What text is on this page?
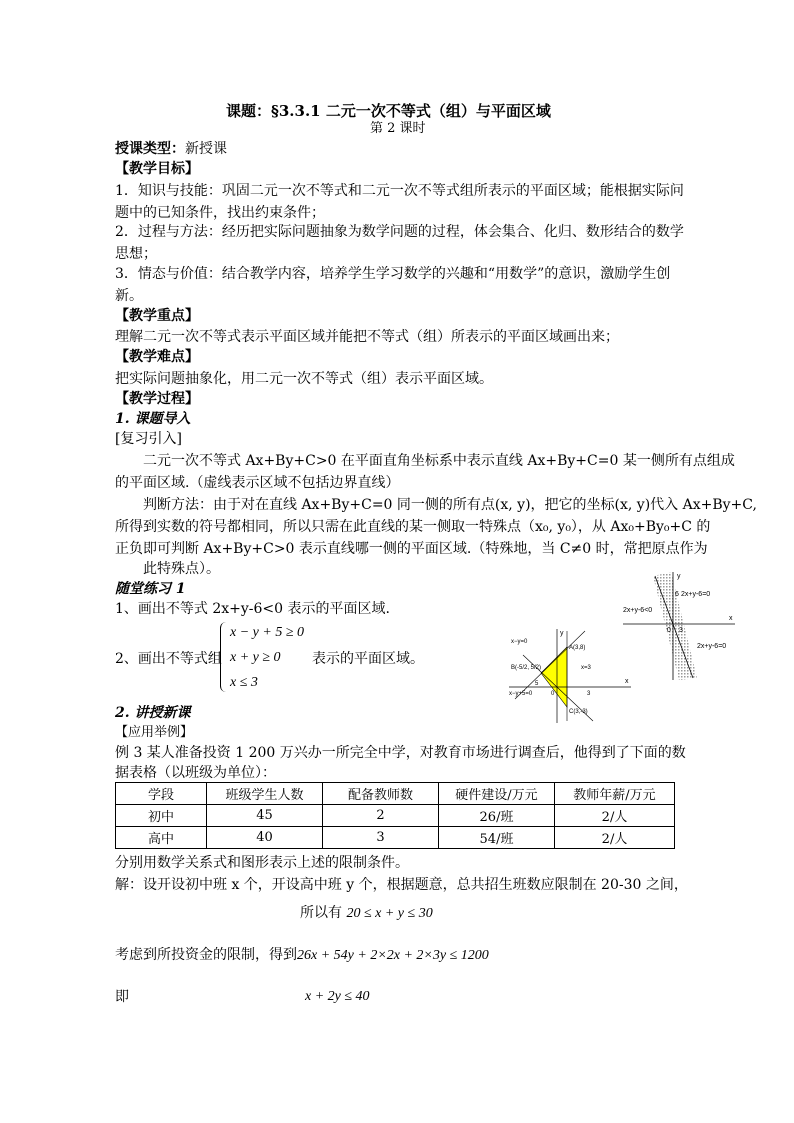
课题：§3.3.1 二元一次不等式（组）与平面区域
第 2 课时
授课类型：新授课
【教学目标】
1．知识与技能：巩固二元一次不等式和二元一次不等式组所表示的平面区域；能根据实际问
题中的已知条件，找出约束条件；
2．过程与方法：经历把实际问题抽象为数学问题的过程，体会集合、化归、数形结合的数学
思想；
3．情态与价值：结合教学内容，培养学生学习数学的兴趣和“用数学”的意识，激励学生创
新。
【教学重点】
理解二元一次不等式表示平面区域并能把不等式（组）所表示的平面区域画出来；
【教学难点】
把实际问题抽象化，用二元一次不等式（组）表示平面区域。
【教学过程】
1. 课题导入
[复习引入]
二元一次不等式 Ax+By+C>0 在平面直角坐标系中表示直线 Ax+By+C=0 某一侧所有点组成
的平面区域.（虚线表示区域不包括边界直线）
判断方法：由于对在直线 Ax+By+C=0 同一侧的所有点(x, y)，把它的坐标(x, y)代入 Ax+By+C,
所得到实数的符号都相同，所以只需在此直线的某一侧取一特殊点（x₀, y₀），从 Ax₀+By₀+C 的
正负即可判断 Ax+By+C>0 表示直线哪一侧的平面区域.（特殊地，当 C≠0 时，常把原点作为
此特殊点）。
随堂练习 1
1、画出不等式 2x+y-6<0 表示的平面区域.
2、画出不等式组
x − y + 5 ≥ 0
x + y ≥ 0
x ≤ 3
表示的平面区域。
y
x
6
0 3
2x+y-6=0
2x+y-6<0
2x+y-6=0
x−y=0
A(3,8)
B(-5/2, 5/2)	x=3
x−y+5=0
C(3,-3)
y
x
0	3
5
2. 讲授新课
【应用举例】
例 3 某人准备投资 1 200 万兴办一所完全中学，对教育市场进行调查后，他得到了下面的数
据表格（以班级为单位）：
学段	班级学生人数	配备教师数	硬件建设/万元	教师年薪/万元
初中	45	2	26/班	2/人
高中	40	3	54/班	2/人
分别用数学关系式和图形表示上述的限制条件。
解：设开设初中班 x 个，开设高中班 y 个，根据题意，总共招生班数应限制在 20-30 之间，
所以有 20 ≤ x + y ≤ 30
考虑到所投资金的限制，得到26x + 54y + 2×2x + 2×3y ≤ 1200
即	x + 2y ≤ 40
